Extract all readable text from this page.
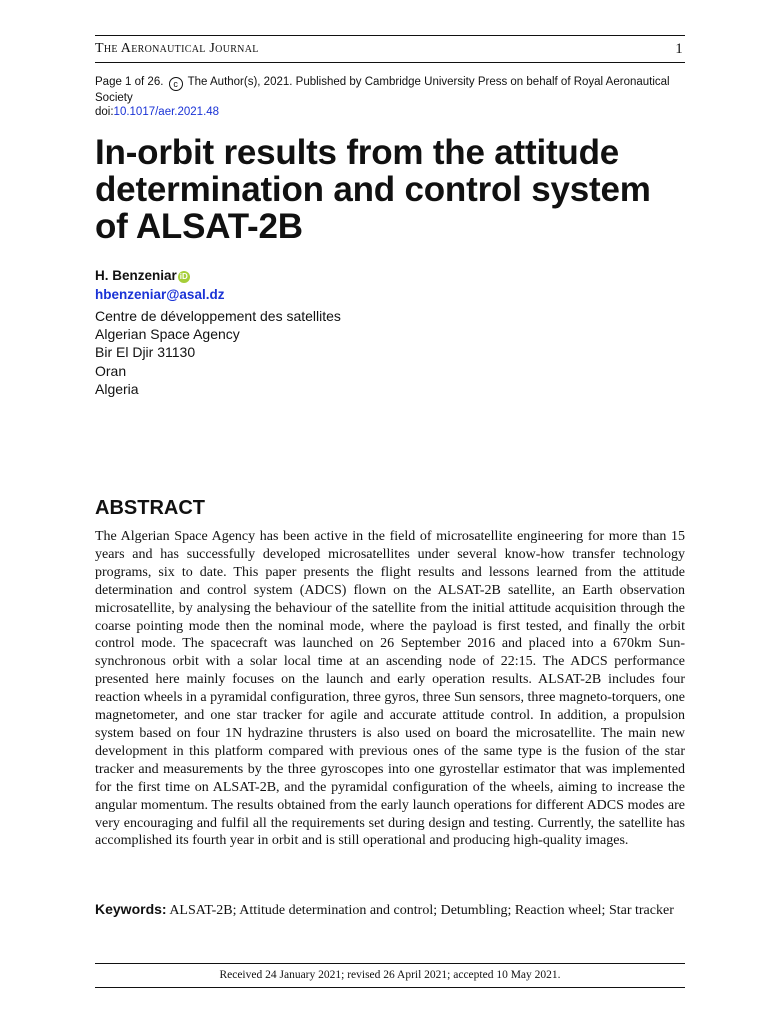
The Aeronautical Journal	1
Page 1 of 26. c The Author(s), 2021. Published by Cambridge University Press on behalf of Royal Aeronautical Society
doi:10.1017/aer.2021.48
In-orbit results from the attitude determination and control system of ALSAT-2B
H. Benzeniar iD
hbenzeniar@asal.dz
Centre de développement des satellites
Algerian Space Agency
Bir El Djir 31130
Oran
Algeria
ABSTRACT
The Algerian Space Agency has been active in the field of microsatellite engineering for more than 15 years and has successfully developed microsatellites under several know-how transfer technology programs, six to date. This paper presents the flight results and lessons learned from the attitude determination and control system (ADCS) flown on the ALSAT-2B satellite, an Earth observation microsatellite, by analysing the behaviour of the satellite from the initial attitude acquisition through the coarse pointing mode then the nominal mode, where the payload is first tested, and finally the orbit control mode. The spacecraft was launched on 26 September 2016 and placed into a 670km Sun-synchronous orbit with a solar local time at an ascending node of 22:15. The ADCS performance presented here mainly focuses on the launch and early operation results. ALSAT-2B includes four reaction wheels in a pyramidal configuration, three gyros, three Sun sensors, three magneto-torquers, one magnetometer, and one star tracker for agile and accurate attitude control. In addition, a propulsion system based on four 1N hydrazine thrusters is also used on board the microsatellite. The main new development in this platform compared with previous ones of the same type is the fusion of the star tracker and measurements by the three gyroscopes into one gyrostellar estimator that was implemented for the first time on ALSAT-2B, and the pyramidal configuration of the wheels, aiming to increase the angular momentum. The results obtained from the early launch operations for different ADCS modes are very encouraging and fulfil all the requirements set during design and testing. Currently, the satellite has accomplished its fourth year in orbit and is still operational and producing high-quality images.
Keywords: ALSAT-2B; Attitude determination and control; Detumbling; Reaction wheel; Star tracker
Received 24 January 2021; revised 26 April 2021; accepted 10 May 2021.
